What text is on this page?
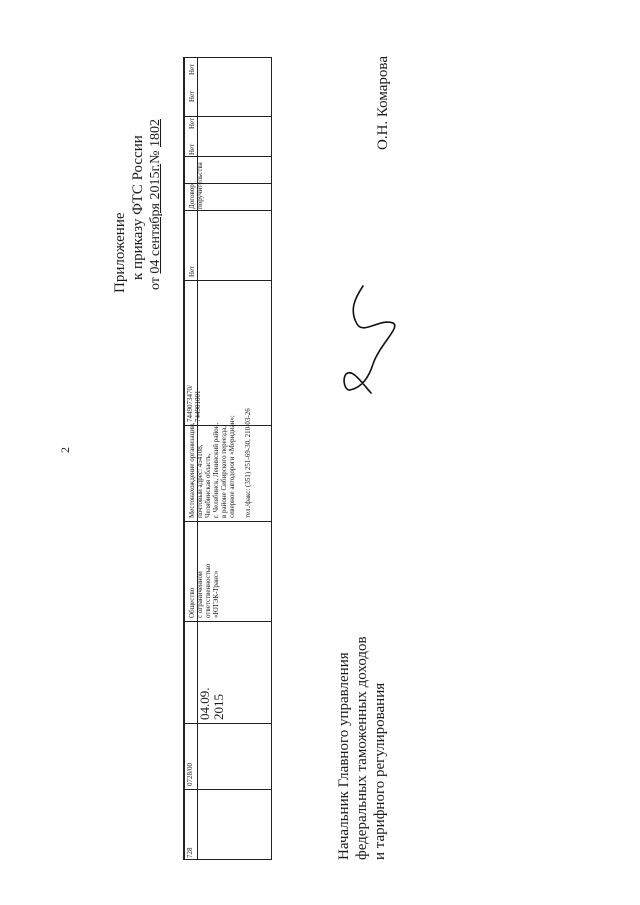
2
Приложение к приказу ФТС России
от 04 сентября 2015г.№ 1802
728
0728/00
04.09.
2015
Общество
с ограниченной
ответственностью
«ЮТЭК-Транс»
Местонахождение организации,
почтовый адрес: 454108,
Челябинская область,
г. Челябинск, Ленинский район,
в районе Сибирского переезда,
северное автодороги «Меридиан»;

тел./факс: (351) 251-69-30, 210-03-26
7449073470/
744901001
Нет
Договор
поручительства
Нет
Нет
Нет
Нет	О.Н. Комарова
Начальник Главного управления федеральных таможенных доходов и тарифного регулирования
